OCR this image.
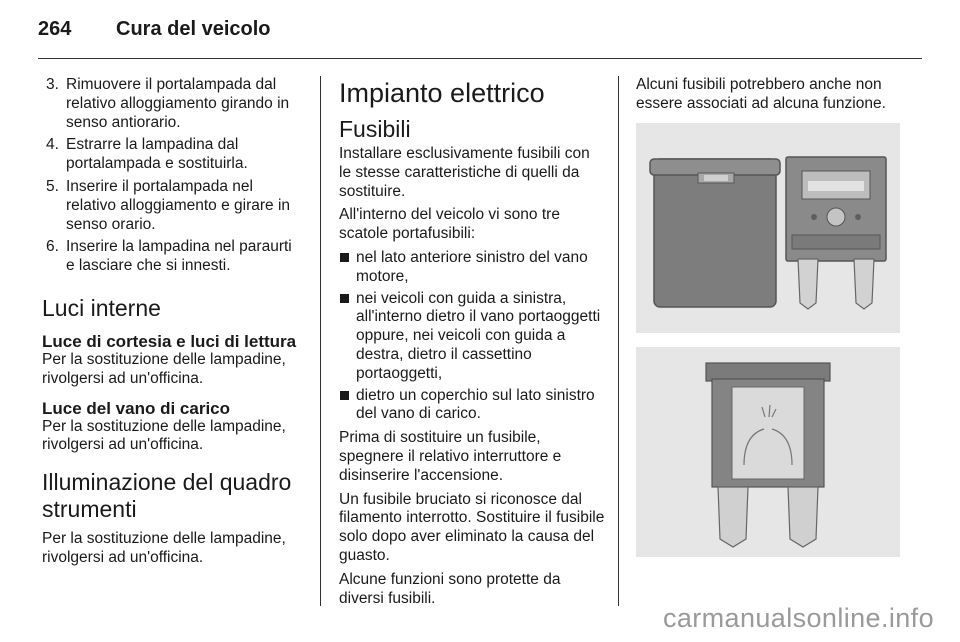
264 Cura del veicolo
3. Rimuovere il portalampada dal relativo alloggiamento girando in senso antiorario.
4. Estrarre la lampadina dal portalampada e sostituirla.
5. Inserire il portalampada nel relativo alloggiamento e girare in senso orario.
6. Inserire la lampadina nel paraurti e lasciare che si innesti.
Luci interne
Luce di cortesia e luci di lettura

Per la sostituzione delle lampadine, rivolgersi ad un'officina.

Luce del vano di carico

Per la sostituzione delle lampadine, rivolgersi ad un'officina.

Illuminazione del quadro strumenti

Per la sostituzione delle lampadine, rivolgersi ad un'officina.

Impianto elettrico
Fusibili

Installare esclusivamente fusibili con le stesse caratteristiche di quelli da sostituire.

All'interno del veicolo vi sono tre scatole portafusibili:

nel lato anteriore sinistro del vano motore,
nei veicoli con guida a sinistra, all'interno dietro il vano portaoggetti oppure, nei veicoli con guida a destra, dietro il cassettino portaoggetti,
dietro un coperchio sul lato sinistro del vano di carico.

Prima di sostituire un fusibile, spegnere il relativo interruttore e disinserire l'accensione.

Un fusibile bruciato si riconosce dal filamento interrotto. Sostituire il fusibile solo dopo aver eliminato la causa del guasto.

Alcune funzioni sono protette da diversi fusibili.

Alcuni fusibili potrebbero anche non essere associati ad alcuna funzione.

carmanualsonline.info
